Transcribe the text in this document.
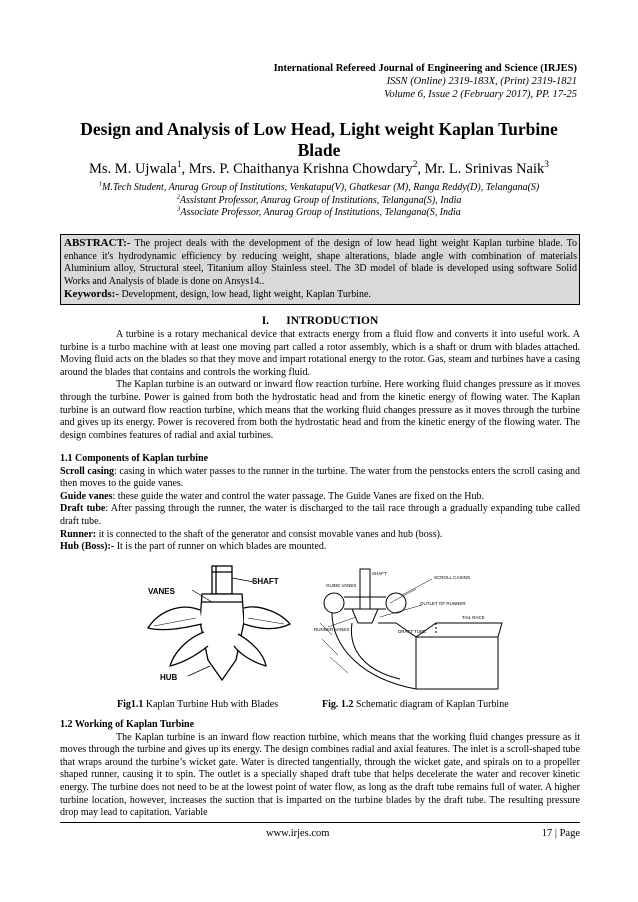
International Refereed Journal of Engineering and Science (IRJES)
ISSN (Online) 2319-183X, (Print) 2319-1821
Volume 6, Issue 2 (February 2017), PP. 17-25
Design and Analysis of Low Head, Light weight Kaplan Turbine
Blade
Ms. M. Ujwala$^1$, Mrs. P. Chaithanya Krishna Chowdary$^2$, Mr. L. Srinivas Naik$^3$
$^1$M.Tech Student, Anurag Group of Institutions, Venkatapu(V), Ghatkesar (M), Ranga Reddy(D), Telangana(S)
$^2$Assistant Professor, Anurag Group of Institutions, Telangana(S), India
$^3$Associate Professor, Anurag Group of Institutions, Telangana(S, India
ABSTRACT:- The project deals with the development of the design of low head light weight Kaplan turbine blade. To enhance it's hydrodynamic efficiency by reducing weight, shape alterations, blade angle with combination of materials Aluminium alloy, Structural steel, Titanium alloy Stainless steel. The 3D model of blade is developed using software Solid Works and Analysis of blade is done on Ansys14..
Keywords:- Development, design, low head, light weight, Kaplan Turbine.
I. INTRODUCTION

A turbine is a rotary mechanical device that extracts energy from a fluid flow and converts it into useful work. A turbine is a turbo machine with at least one moving part called a rotor assembly, which is a shaft or drum with blades attached. Moving fluid acts on the blades so that they move and impart rotational energy to the rotor. Gas, steam and turbines have a casing around the blades that contains and controls the working fluid.

The Kaplan turbine is an outward or inward flow reaction turbine. Here working fluid changes pressure as it moves through the turbine. Power is gained from both the hydrostatic head and from the kinetic energy of flowing water. The Kaplan turbine is an outward flow reaction turbine, which means that the working fluid changes pressure as it moves through the turbine and gives up its energy. Power is recovered from both the hydrostatic head and from the kinetic energy of the flowing water. The design combines features of radial and axial turbines.

1.1 Components of Kaplan turbine

Scroll casing: casing in which water passes to the runner in the turbine. The water from the penstocks enters the scroll casing and then moves to the guide vanes.

Guide vanes: these guide the water and control the water passage. The Guide Vanes are fixed on the Hub.

Draft tube: After passing through the runner, the water is discharged to the tail race through a gradually expanding tube called draft tube.

Runner: it is connected to the shaft of the generator and consist movable vanes and hub (boss).

Hub (Boss):- It is the part of runner on which blades are mounted.

VANES
SHAFT
HUB
SHAFT
SCROLL CASING
GUIDE VANES
RUNNER VANES
OUTLET OF RUNNER
TAIL RACE
DRAFT TUBE
Fig1.1 Kaplan Turbine Hub with Blades	Fig. 1.2 Schematic diagram of Kaplan Turbine

1.2 Working of Kaplan Turbine

The Kaplan turbine is an inward flow reaction turbine, which means that the working fluid changes pressure as it moves through the turbine and gives up its energy. The design combines radial and axial features. The inlet is a scroll-shaped tube that wraps around the turbine’s wicket gate. Water is directed tangentially, through the wicket gate, and spirals on to a propeller shaped runner, causing it to spin. The outlet is a specially shaped draft tube that helps decelerate the water and recover kinetic energy. The turbine does not need to be at the lowest point of water flow, as long as the draft tube remains full of water. A higher turbine location, however, increases the suction that is imparted on the turbine blades by the draft tube. The resulting pressure drop may lead to capitation. Variable

www.irjes.com	17 | Page
